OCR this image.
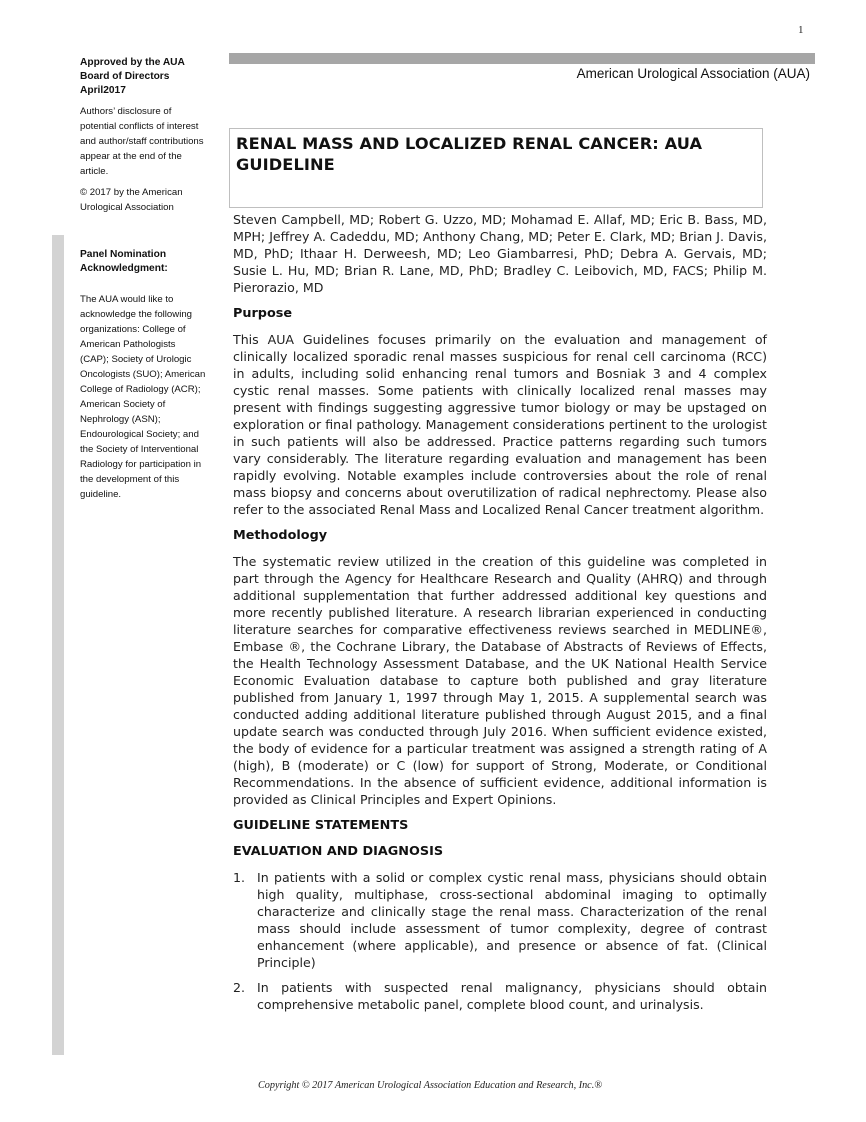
1
Approved by the AUA Board of Directors April2017
Authors’ disclosure of potential conflicts of interest and author/staff contributions appear at the end of the article.
© 2017 by the American Urological Association
Panel Nomination Acknowledgment:
The AUA would like to acknowledge the following organizations: College of American Pathologists (CAP); Society of Urologic Oncologists (SUO); American College of Radiology (ACR); American Society of Nephrology (ASN); Endourological Society; and the Society of Interventional Radiology for participation in the development of this guideline.
American Urological Association (AUA)
RENAL MASS AND LOCALIZED RENAL CANCER: AUA GUIDELINE

Steven Campbell, MD; Robert G. Uzzo, MD; Mohamad E. Allaf, MD; Eric B. Bass, MD, MPH; Jeffrey A. Cadeddu, MD; Anthony Chang, MD; Peter E. Clark, MD; Brian J. Davis, MD, PhD; Ithaar H. Derweesh, MD; Leo Giambarresi, PhD; Debra A. Gervais, MD; Susie L. Hu, MD; Brian R. Lane, MD, PhD; Bradley C. Leibovich, MD, FACS; Philip M. Pierorazio, MD

Purpose

This AUA Guidelines focuses primarily on the evaluation and management of clinically localized sporadic renal masses suspicious for renal cell carcinoma (RCC) in adults, including solid enhancing renal tumors and Bosniak 3 and 4 complex cystic renal masses. Some patients with clinically localized renal masses may present with findings suggesting aggressive tumor biology or may be upstaged on exploration or final pathology. Management considerations pertinent to the urologist in such patients will also be addressed. Practice patterns regarding such tumors vary considerably. The literature regarding evaluation and management has been rapidly evolving. Notable examples include controversies about the role of renal mass biopsy and concerns about overutilization of radical nephrectomy. Please also refer to the associated Renal Mass and Localized Renal Cancer treatment algorithm.

Methodology

The systematic review utilized in the creation of this guideline was completed in part through the Agency for Healthcare Research and Quality (AHRQ) and through additional supplementation that further addressed additional key questions and more recently published literature. A research librarian experienced in conducting literature searches for comparative effectiveness reviews searched in MEDLINE®, Embase ®, the Cochrane Library, the Database of Abstracts of Reviews of Effects, the Health Technology Assessment Database, and the UK National Health Service Economic Evaluation database to capture both published and gray literature published from January 1, 1997 through May 1, 2015. A supplemental search was conducted adding additional literature published through August 2015, and a final update search was conducted through July 2016. When sufficient evidence existed, the body of evidence for a particular treatment was assigned a strength rating of A (high), B (moderate) or C (low) for support of Strong, Moderate, or Conditional Recommendations. In the absence of sufficient evidence, additional information is provided as Clinical Principles and Expert Opinions.

GUIDELINE STATEMENTS
EVALUATION AND DIAGNOSIS
1. In patients with a solid or complex cystic renal mass, physicians should obtain high quality, multiphase, cross-sectional abdominal imaging to optimally characterize and clinically stage the renal mass. Characterization of the renal mass should include assessment of tumor complexity, degree of contrast enhancement (where applicable), and presence or absence of fat. (Clinical Principle)
2. In patients with suspected renal malignancy, physicians should obtain comprehensive metabolic panel, complete blood count, and urinalysis.
Copyright © 2017 American Urological Association Education and Research, Inc.®
